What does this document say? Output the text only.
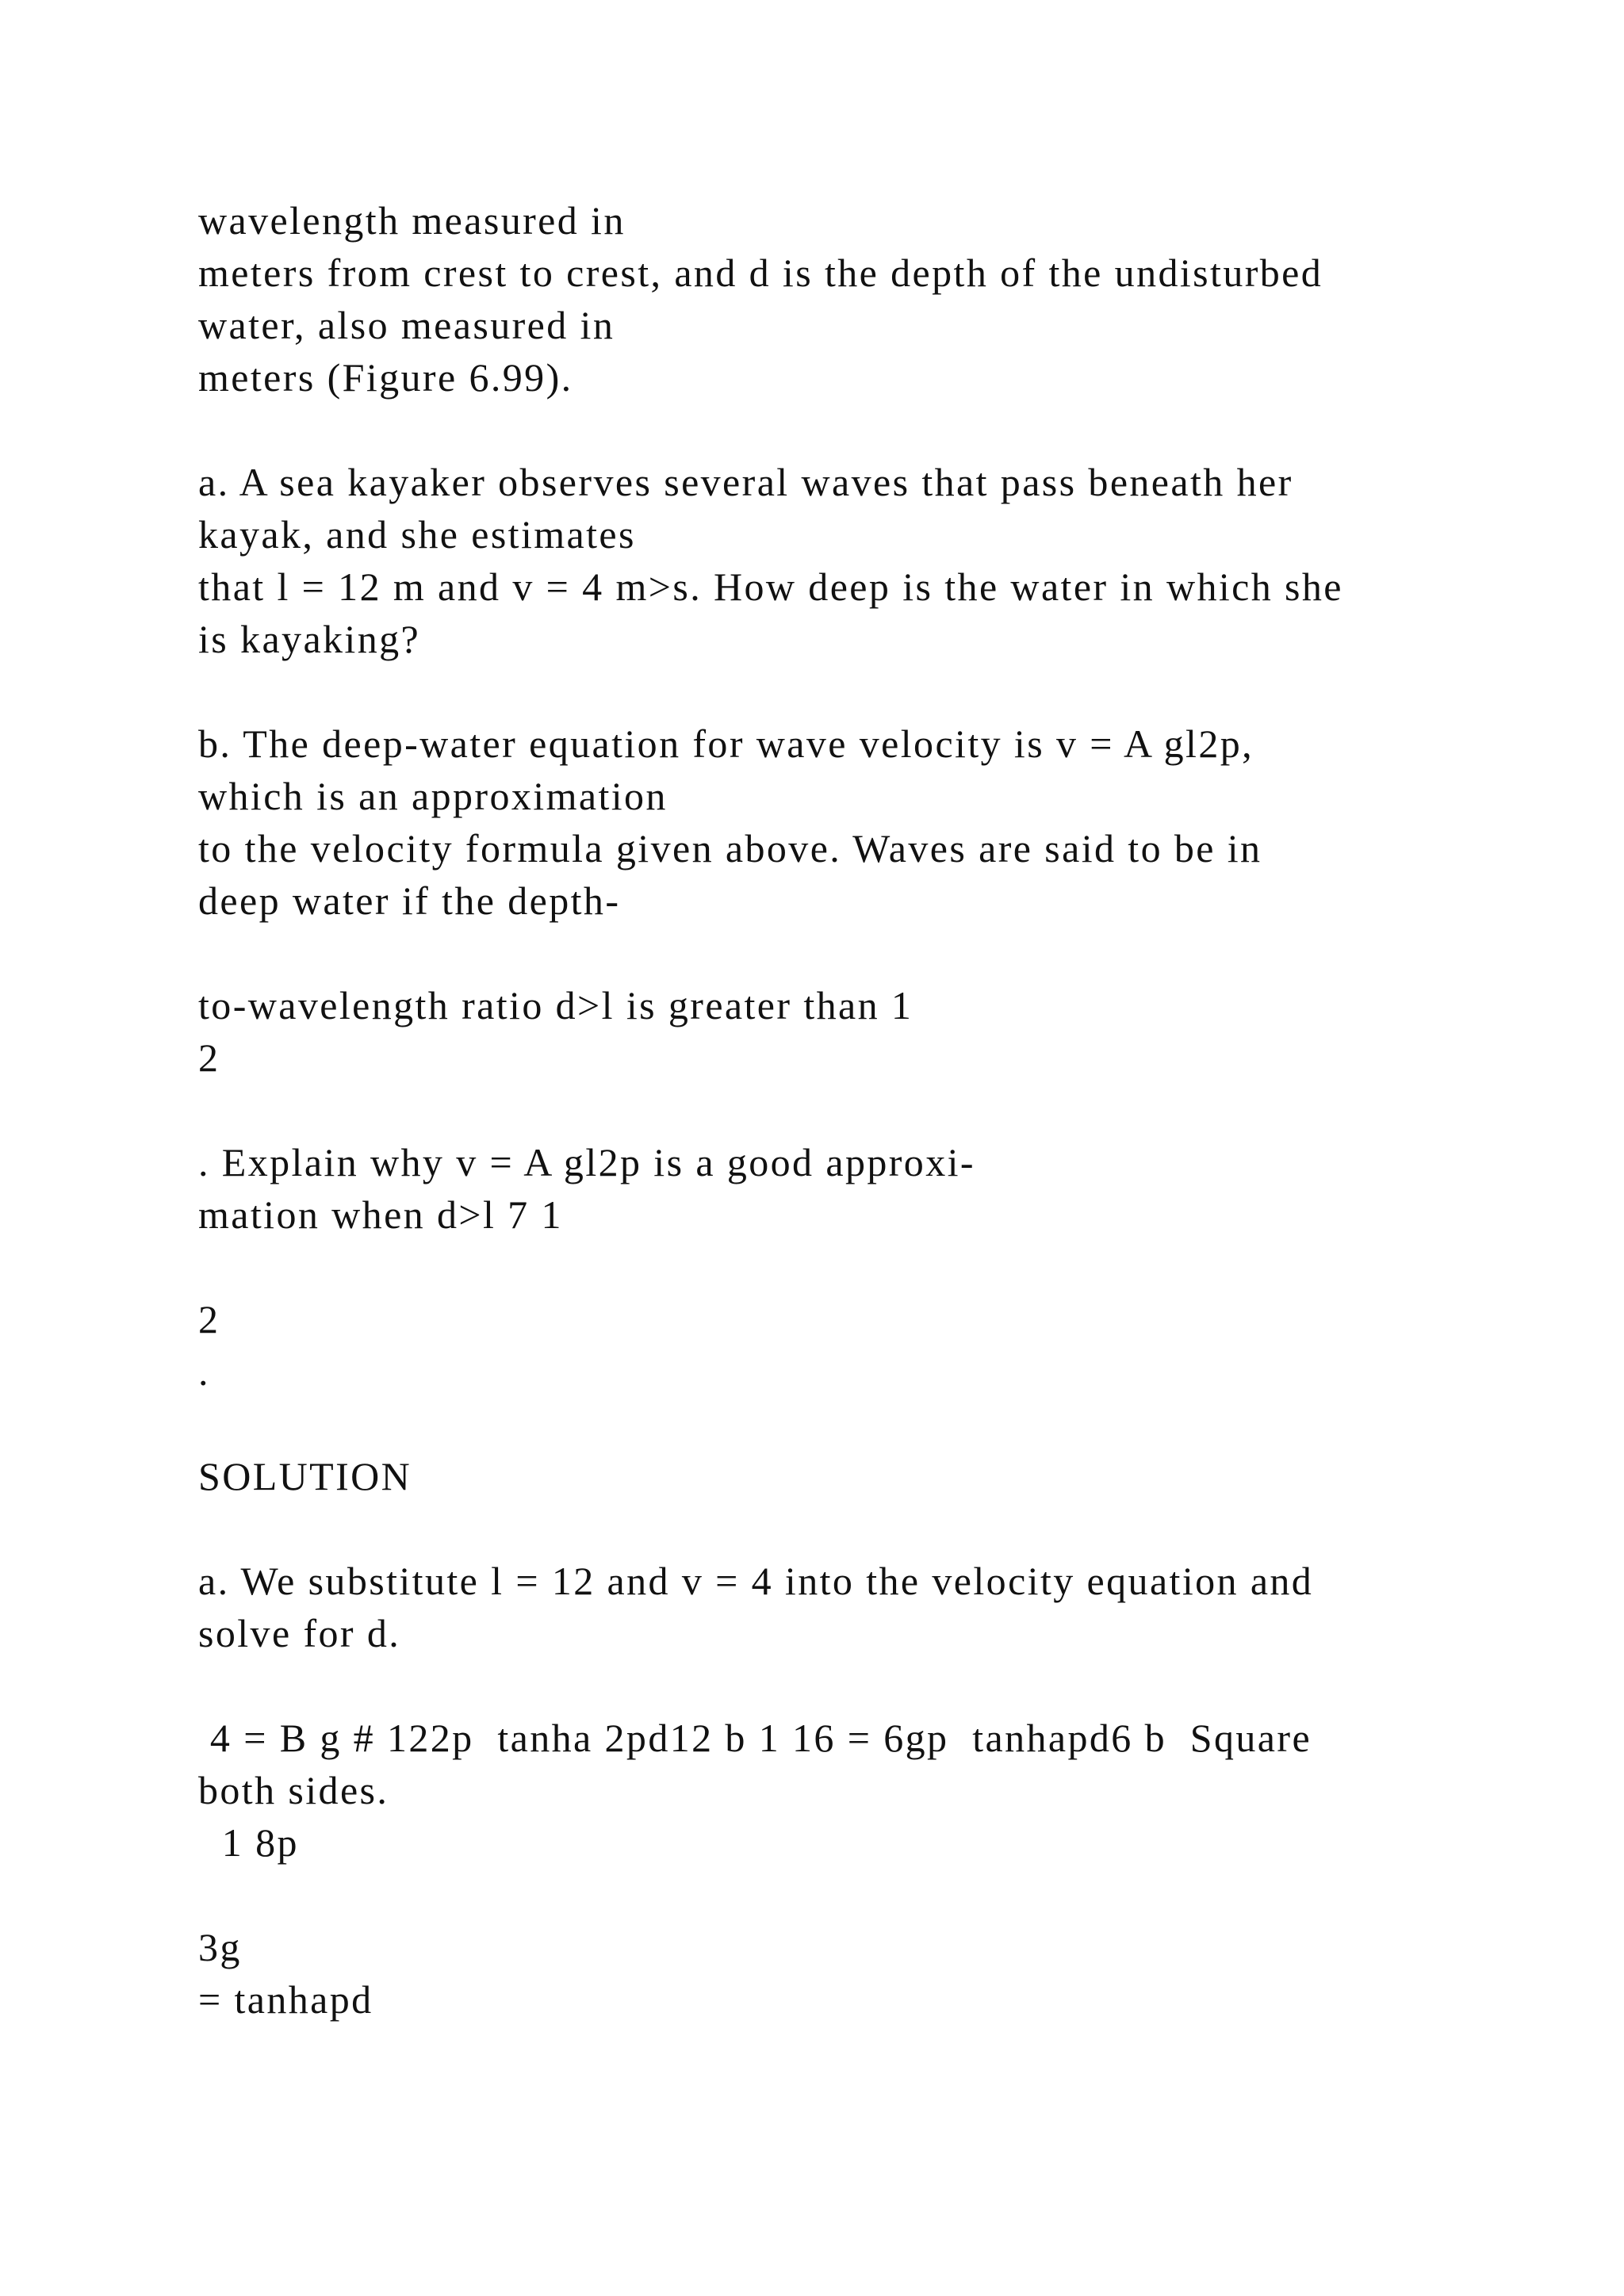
wavelength measured in
meters from crest to crest, and d is the depth of the undisturbed
water, also measured in
meters (Figure 6.99).
a. A sea kayaker observes several waves that pass beneath her
kayak, and she estimates
that l = 12 m and v = 4 m>s. How deep is the water in which she
is kayaking?
b. The deep-water equation for wave velocity is v = A gl2p,
which is an approximation
to the velocity formula given above. Waves are said to be in
deep water if the depth-
to-wavelength ratio d>l is greater than 1
2
. Explain why v = A gl2p is a good approxi-
mation when d>l 7 1
2
.
SOLUTION
a. We substitute l = 12 and v = 4 into the velocity equation and
solve for d.
4 = B g # 122p  tanha 2pd12 b 1 16 = 6gp  tanhapd6 b  Square
both sides.
1 8p
3g
= tanhapd
